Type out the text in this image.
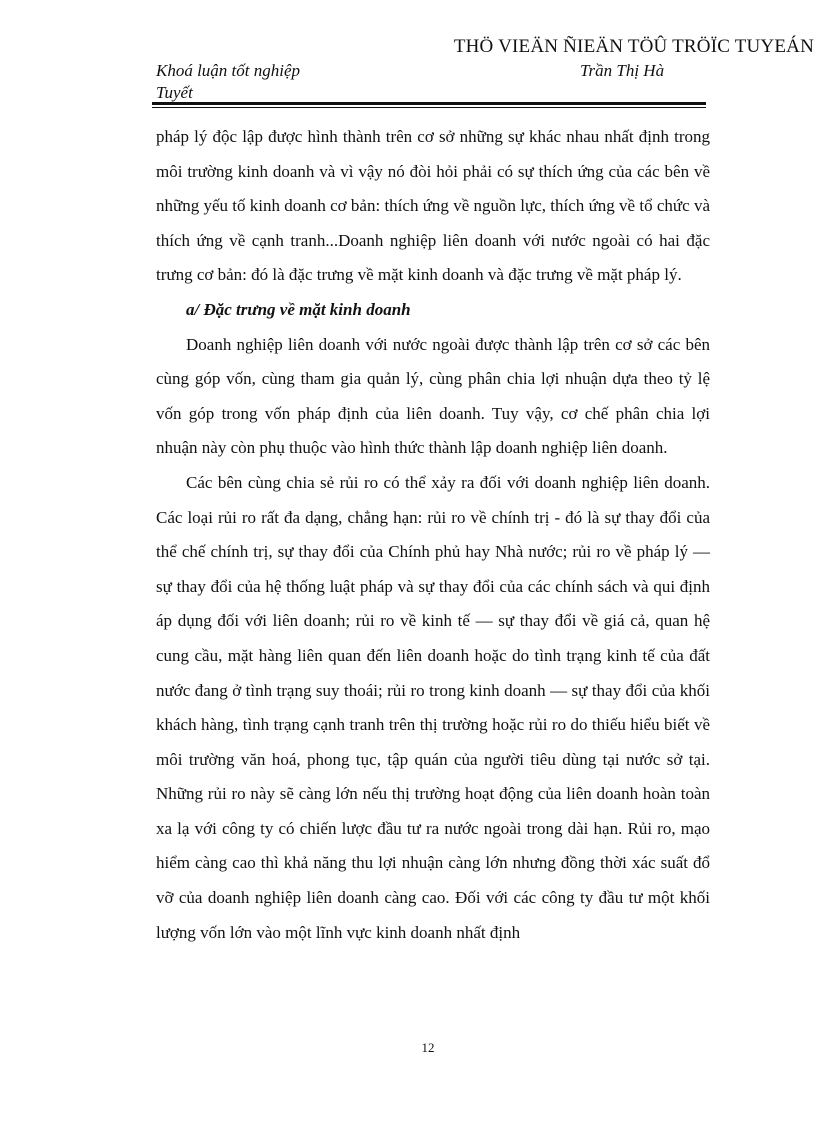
THÖ VIEÄN ÑIEÄN TÖÛ TRÖÏC TUYEÁN
Khoá luận tốt nghiệp
Tuyết
Trần Thị Hà

pháp lý độc lập được hình thành trên cơ sở những sự khác nhau nhất định trong môi trường kinh doanh và vì vậy nó đòi hỏi phải có sự thích ứng của các bên về những yếu tố kinh doanh cơ bản: thích ứng về nguồn lực, thích ứng về tổ chức và thích ứng về cạnh tranh...Doanh nghiệp liên doanh với nước ngoài có hai đặc trưng cơ bản: đó là đặc trưng về mặt kinh doanh và đặc trưng về mặt pháp lý.

a/ Đặc trưng về mặt kinh doanh

Doanh nghiệp liên doanh với nước ngoài được thành lập trên cơ sở các bên cùng góp vốn, cùng tham gia quản lý, cùng phân chia lợi nhuận dựa theo tỷ lệ vốn góp trong vốn pháp định của liên doanh. Tuy vậy, cơ chế phân chia lợi nhuận này còn phụ thuộc vào hình thức thành lập doanh nghiệp liên doanh.

Các bên cùng chia sẻ rủi ro có thể xảy ra đối với doanh nghiệp liên doanh. Các loại rủi ro rất đa dạng, chẳng hạn: rủi ro về chính trị - đó là sự thay đổi của thể chế chính trị, sự thay đổi của Chính phủ hay Nhà nước; rủi ro về pháp lý — sự thay đổi của hệ thống luật pháp và sự thay đổi của các chính sách và qui định áp dụng đối với liên doanh; rủi ro về kinh tế — sự thay đổi về giá cả, quan hệ cung cầu, mặt hàng liên quan đến liên doanh hoặc do tình trạng kinh tế của đất nước đang ở tình trạng suy thoái; rủi ro trong kinh doanh — sự thay đổi của khối khách hàng, tình trạng cạnh tranh trên thị trường hoặc rủi ro do thiếu hiểu biết về môi trường văn hoá, phong tục, tập quán của người tiêu dùng tại nước sở tại. Những rủi ro này sẽ càng lớn nếu thị trường hoạt động của liên doanh hoàn toàn xa lạ với công ty có chiến lược đầu tư ra nước ngoài trong dài hạn. Rủi ro, mạo hiểm càng cao thì khả năng thu lợi nhuận càng lớn nhưng đồng thời xác suất đổ vỡ của doanh nghiệp liên doanh càng cao. Đối với các công ty đầu tư một khối lượng vốn lớn vào một lĩnh vực kinh doanh nhất định

12
